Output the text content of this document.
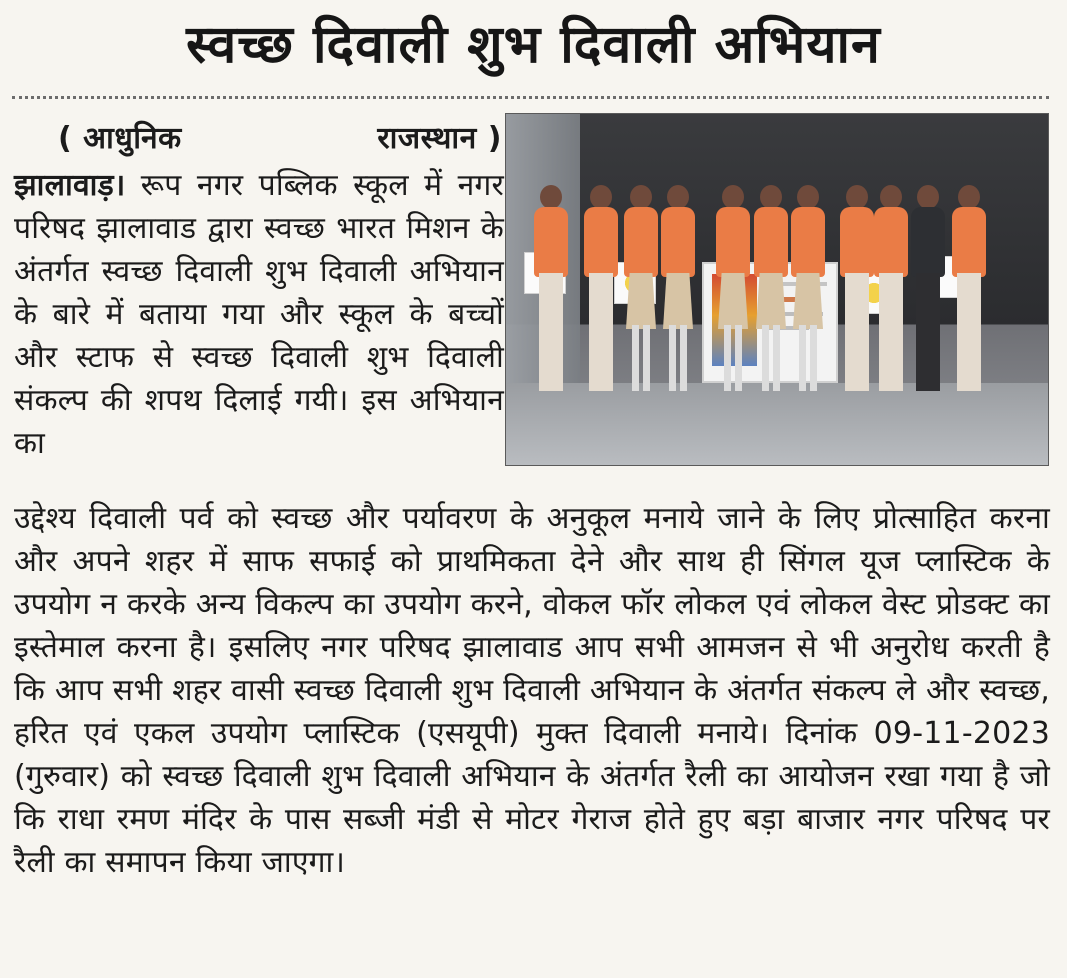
स्वच्छ दिवाली शुभ दिवाली अभियान
( आधुनिक	राजस्थान )
झालावाड़। रूप नगर पब्लिक स्कूल में नगर परिषद झालावाड द्वारा स्वच्छ भारत मिशन के अंतर्गत स्वच्छ दिवाली शुभ दिवाली अभियान के बारे में बताया गया और स्कूल के बच्चों और स्टाफ से स्वच्छ दिवाली शुभ दिवाली संकल्प की शपथ दिलाई गयी। इस अभियान का
उद्देश्य दिवाली पर्व को स्वच्छ और पर्यावरण के अनुकूल मनाये जाने के लिए प्रोत्साहित करना और अपने शहर में साफ सफाई को प्राथमिकता देने और साथ ही सिंगल यूज प्लास्टिक के उपयोग न करके अन्य विकल्प का उपयोग करने, वोकल फॉर लोकल एवं लोकल वेस्ट प्रोडक्ट का इस्तेमाल करना है। इसलिए नगर परिषद झालावाड आप सभी आमजन से भी अनुरोध करती है कि आप सभी शहर वासी स्वच्छ दिवाली शुभ दिवाली अभियान के अंतर्गत संकल्प ले और स्वच्छ, हरित एवं एकल उपयोग प्लास्टिक (एसयूपी) मुक्त दिवाली मनाये। दिनांक 09-11-2023 (गुरुवार) को स्वच्छ दिवाली शुभ दिवाली अभियान के अंतर्गत रैली का आयोजन रखा गया है जो कि राधा रमण मंदिर के पास सब्जी मंडी से मोटर गेराज होते हुए बड़ा बाजार नगर परिषद पर रैली का समापन किया जाएगा।
